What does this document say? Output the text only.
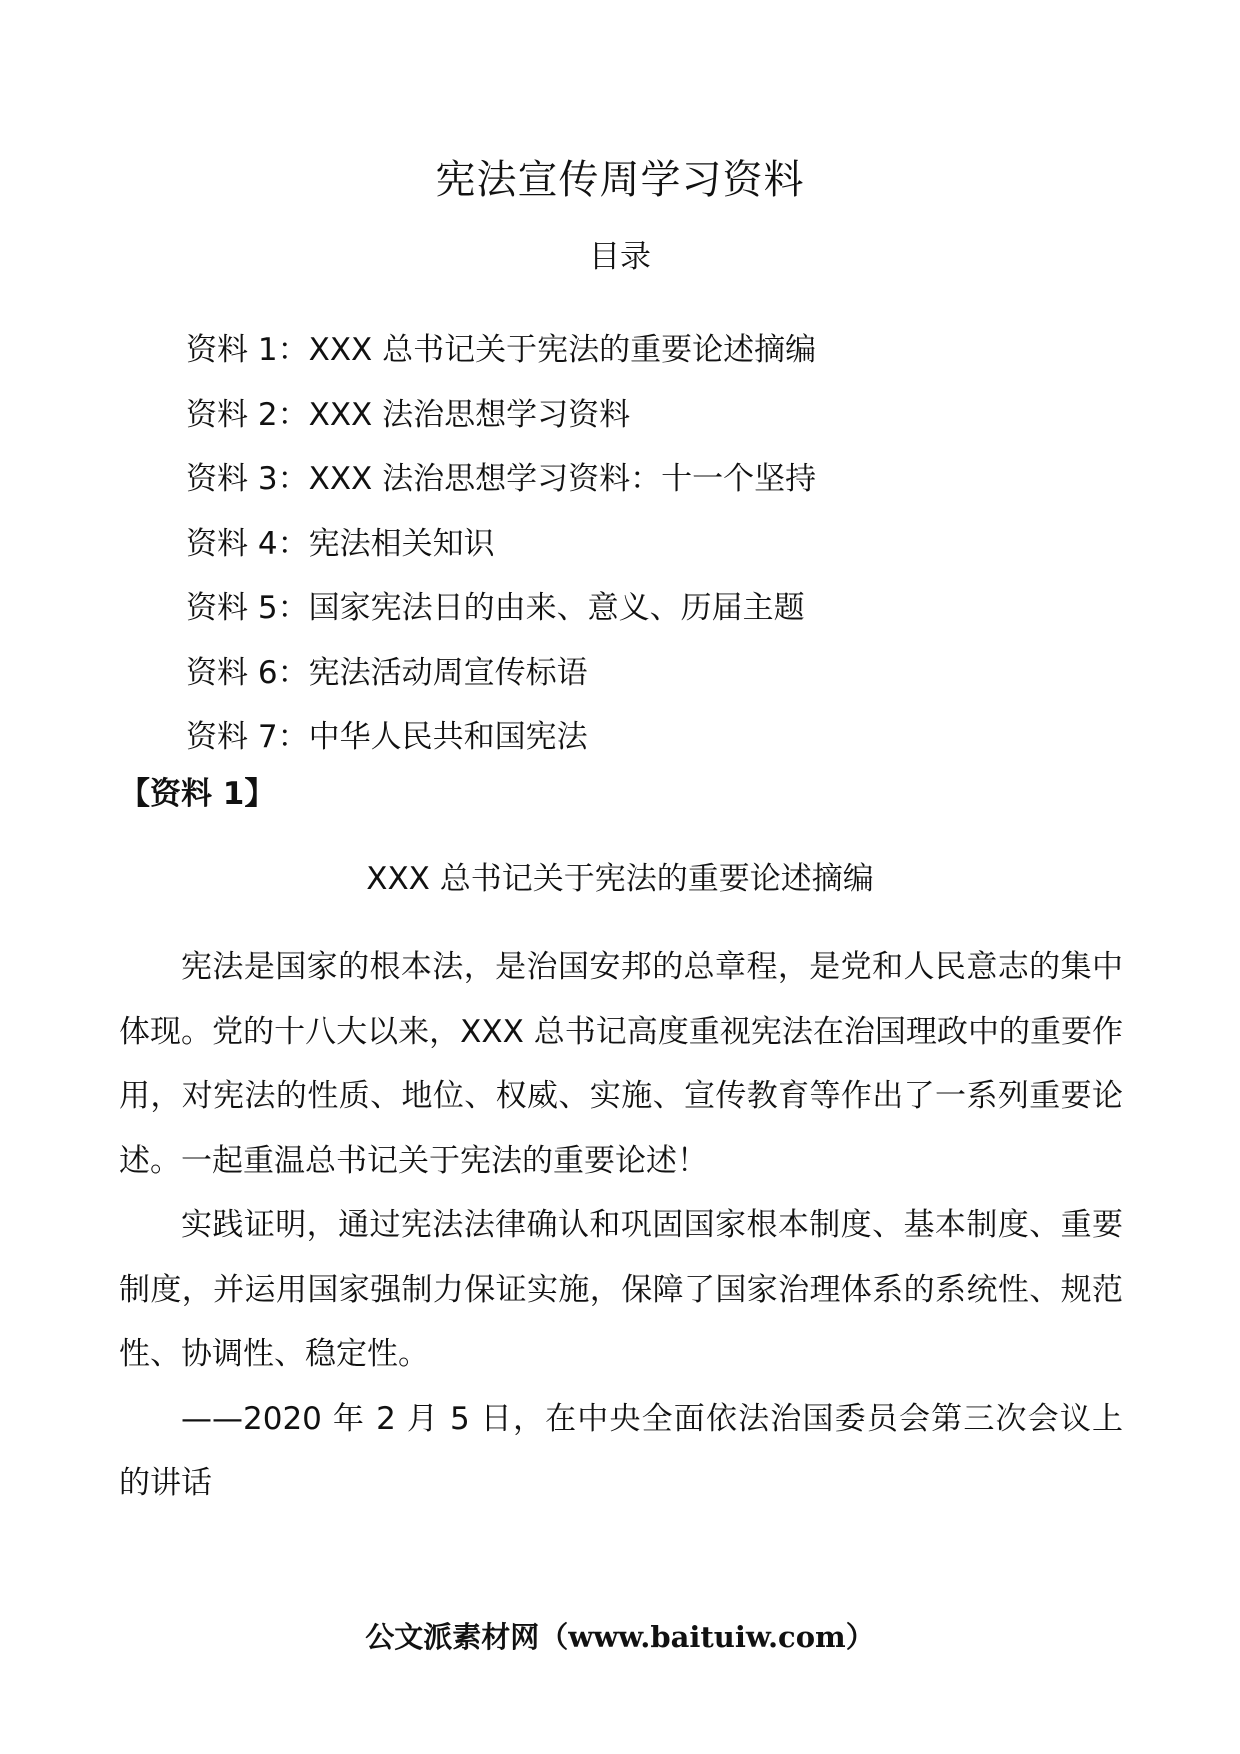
宪法宣传周学习资料
目录
资料 1：XXX 总书记关于宪法的重要论述摘编
资料 2：XXX 法治思想学习资料
资料 3：XXX 法治思想学习资料：十一个坚持
资料 4：宪法相关知识
资料 5：国家宪法日的由来、意义、历届主题
资料 6：宪法活动周宣传标语
资料 7：中华人民共和国宪法
【资料 1】
XXX 总书记关于宪法的重要论述摘编

宪法是国家的根本法，是治国安邦的总章程，是党和人民意志的集中体现。党的十八大以来，XXX 总书记高度重视宪法在治国理政中的重要作用，对宪法的性质、地位、权威、实施、宣传教育等作出了一系列重要论述。一起重温总书记关于宪法的重要论述！

实践证明，通过宪法法律确认和巩固国家根本制度、基本制度、重要制度，并运用国家强制力保证实施，保障了国家治理体系的系统性、规范性、协调性、稳定性。

——2020 年 2 月 5 日，在中央全面依法治国委员会第三次会议上的讲话

公文派素材网（www.baituiw.com）
